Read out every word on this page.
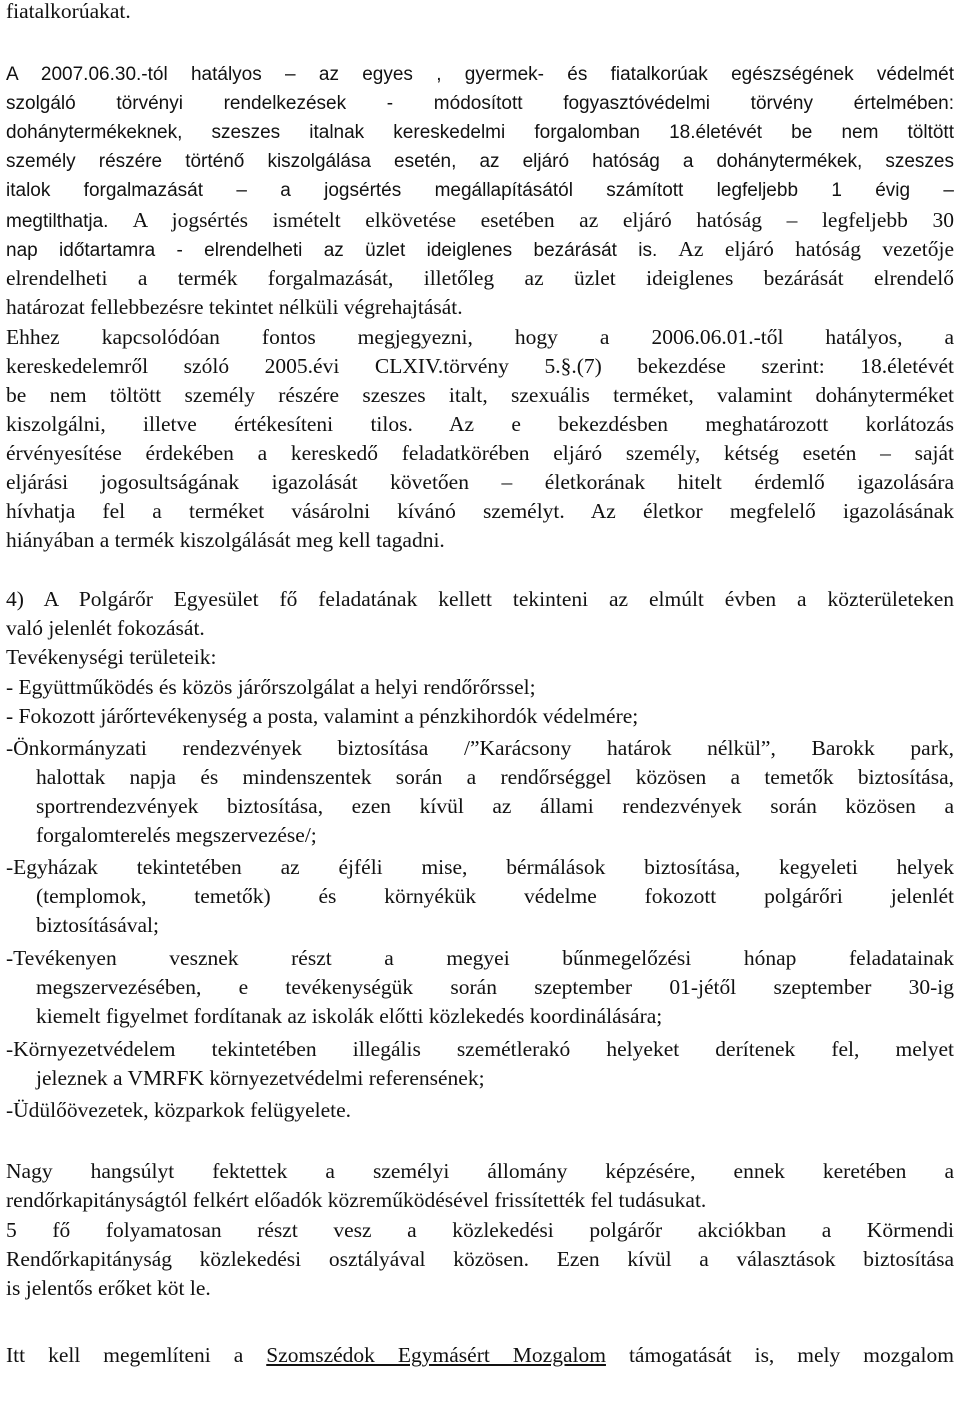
fiatalkorúakat.

A 2007.06.30.-tól hatályos – az egyes , gyermek- és fiatalkorúak egészségének védelmét

szolgáló törvényi rendelkezések - módosított fogyasztóvédelmi törvény értelmében:

dohánytermékeknek, szeszes italnak kereskedelmi forgalomban 18.életévét be nem töltött

személy részére történő kiszolgálása esetén, az eljáró hatóság a dohánytermékek, szeszes

italok forgalmazását – a jogsértés megállapításától számított legfeljebb 1 évig –

megtilthatja. A jogsértés ismételt elkövetése esetében az eljáró hatóság – legfeljebb 30

nap időtartamra - elrendelheti az üzlet ideiglenes bezárását is. Az eljáró hatóság vezetője

elrendelheti a termék forgalmazását, illetőleg az üzlet ideiglenes bezárását elrendelő

határozat fellebbezésre tekintet nélküli végrehajtását.

Ehhez kapcsolódóan fontos megjegyezni, hogy a 2006.06.01.-től hatályos, a

kereskedelemről szóló 2005.évi CLXIV.törvény 5.§.(7) bekezdése szerint: 18.életévét

be nem töltött személy részére szeszes italt, szexuális terméket, valamint dohányterméket

kiszolgálni, illetve értékesíteni tilos. Az e bekezdésben meghatározott korlátozás

érvényesítése érdekében a kereskedő feladatkörében eljáró személy, kétség esetén – saját

eljárási jogosultságának igazolását követően – életkorának hitelt érdemlő igazolására

hívhatja fel a terméket vásárolni kívánó személyt. Az életkor megfelelő igazolásának

hiányában a termék kiszolgálását meg kell tagadni.

4) A Polgárőr Egyesület fő feladatának kellett tekinteni az elmúlt évben a közterületeken

való jelenlét fokozását.

Tevékenységi területeik:

- Együttműködés és közös járőrszolgálat a helyi rendőrőrssel;

- Fokozott járőrtevékenység a posta, valamint a pénzkihordók védelmére;

-Önkormányzati rendezvények biztosítása /”Karácsony határok nélkül”, Barokk park,

halottak napja és mindenszentek során a rendőrséggel közösen a temetők biztosítása,

sportrendezvények biztosítása, ezen kívül az állami rendezvények során közösen a

forgalomterelés megszervezése/;

-Egyházak tekintetében az éjféli mise, bérmálások biztosítása, kegyeleti helyek

(templomok, temetők) és környékük védelme fokozott polgárőri jelenlét

biztosításával;

-Tevékenyen vesznek részt a megyei bűnmegelőzési hónap feladatainak

megszervezésében, e tevékenységük során szeptember 01-jétől szeptember 30-ig

kiemelt figyelmet fordítanak az iskolák előtti közlekedés koordinálására;

-Környezetvédelem tekintetében illegális szemétlerakó helyeket derítenek fel, melyet

jeleznek a VMRFK környezetvédelmi referensének;

-Üdülőövezetek, közparkok felügyelete.

Nagy hangsúlyt fektettek a személyi állomány képzésére, ennek keretében a

rendőrkapitányságtól felkért előadók közreműködésével frissítették fel tudásukat.

5 fő folyamatosan részt vesz a közlekedési polgárőr akciókban a Körmendi

Rendőrkapitányság közlekedési osztályával közösen. Ezen kívül a választások biztosítása

is jelentős erőket köt le.

Itt kell megemlíteni a Szomszédok Egymásért Mozgalom támogatását is, mely mozgalom
